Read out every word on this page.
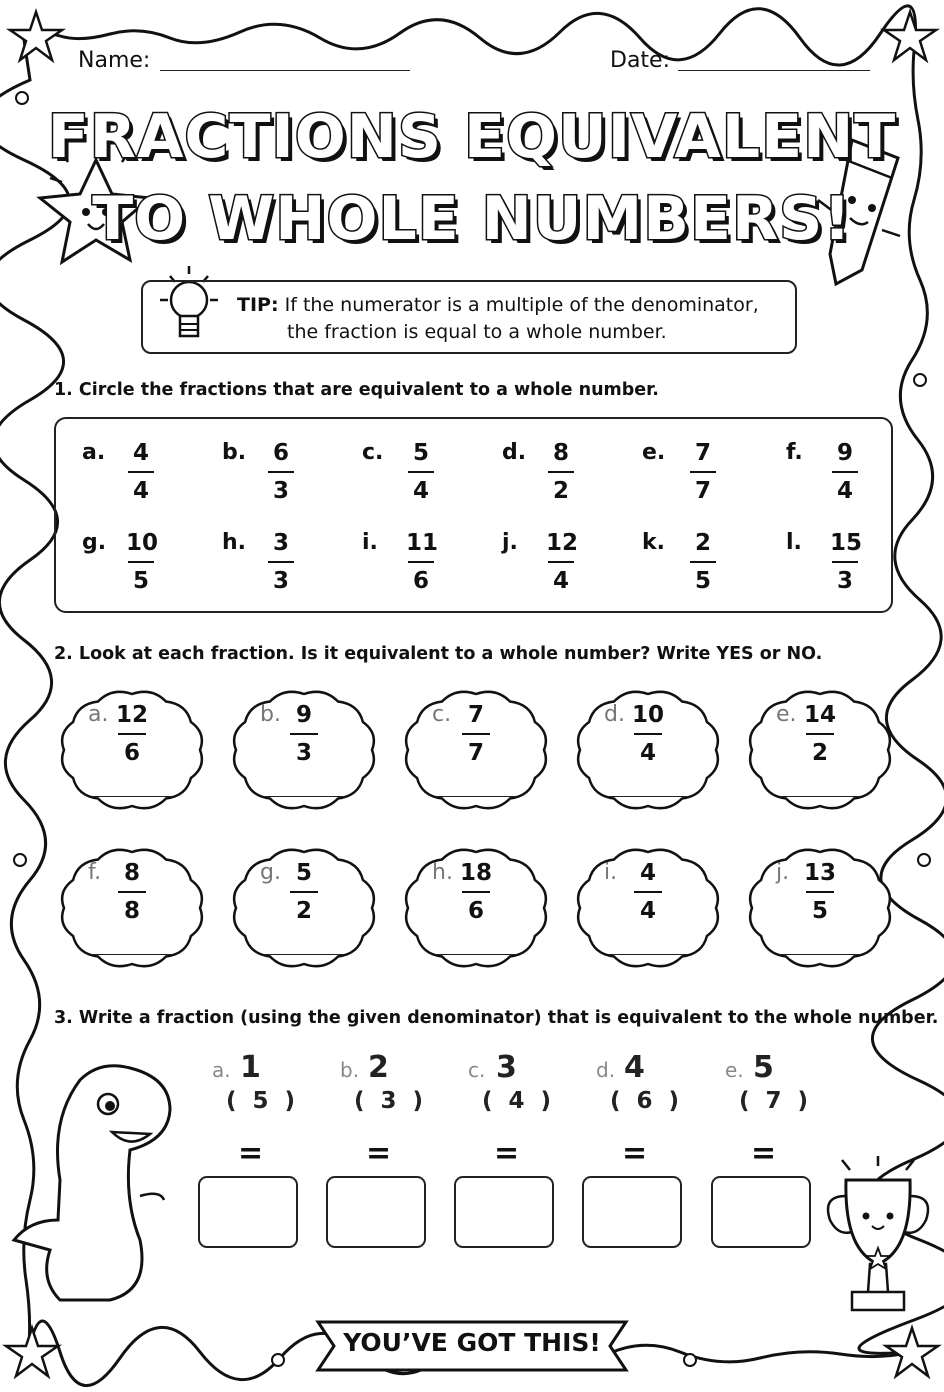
Name:	Date:
FRACTIONS EQUIVALENT
TO WHOLE NUMBERS!
TIP: If the numerator is a multiple of the denominator,
the fraction is equal to a whole number.
1. Circle the fractions that are equivalent to a whole number.
a.	4
4
b.	6
3
c.	5
4
d.	8
2
e.	7
7
f.	9
4
g. 10
5
h.	3
3
i. 11
6
j. 12
4
k.	2
5
l. 15
3
2. Look at each fraction. Is it equivalent to a whole number? Write YES or NO.
a. 12
6
b. 9
3
c. 7
7
d. 10
4
e. 14
2
f. 8
8
g. 5
2
h. 18
6
i. 4
4
j. 13
5
3. Write a fraction (using the given denominator) that is equivalent to the whole number.
a. 1
( 5 )
=
b. 2
( 3 )
=
c. 3
( 4 )
=
d. 4
( 6 )
=
e. 5
( 7 )
=
YOU’VE GOT THIS!
